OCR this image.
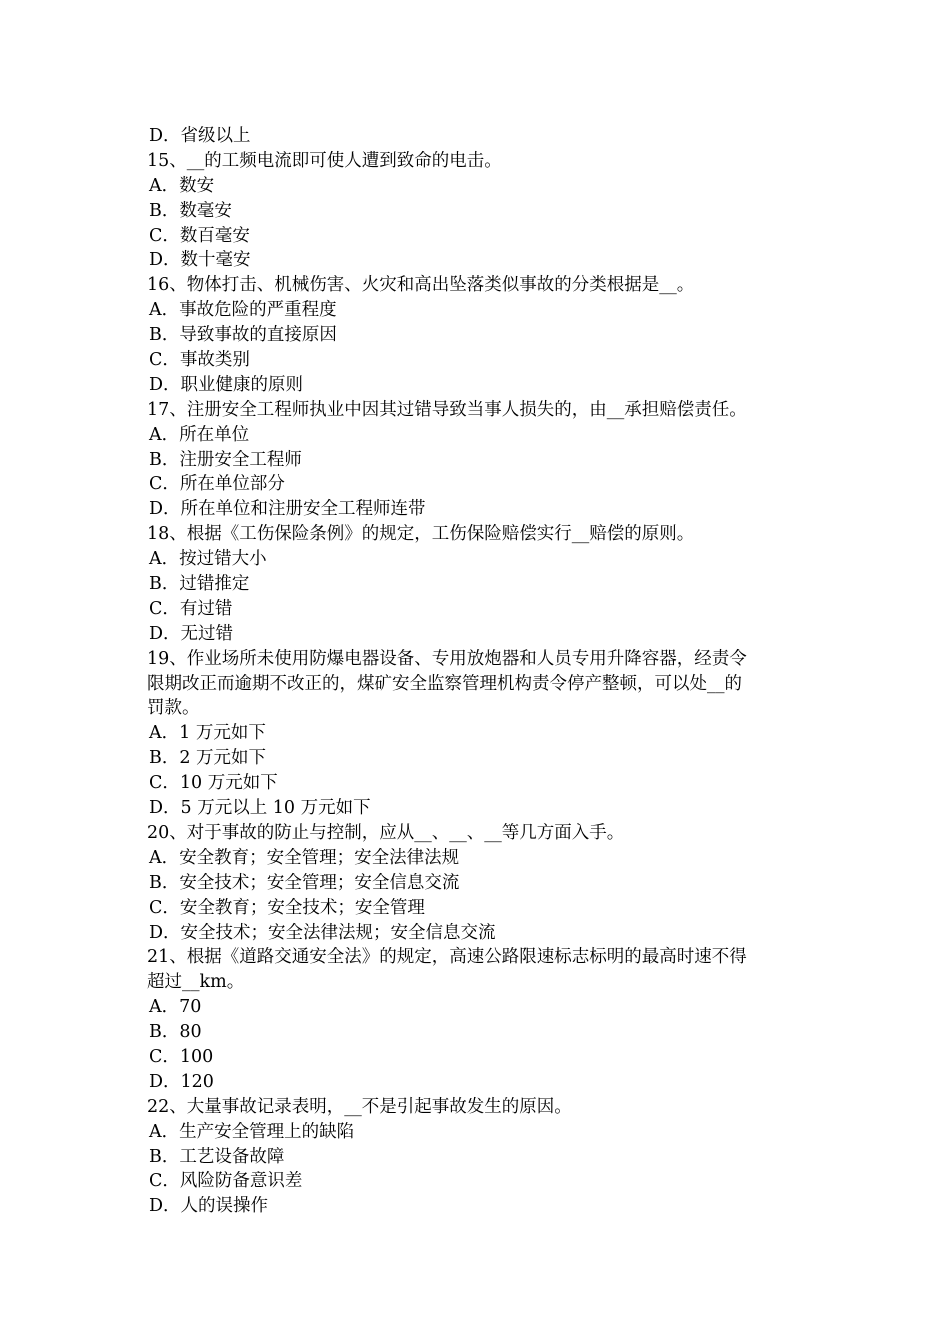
D．省级以上
15、__的工频电流即可使人遭到致命的电击。
A．数安
B．数毫安
C．数百毫安
D．数十毫安
16、物体打击、机械伤害、火灾和高出坠落类似事故的分类根据是__。
A．事故危险的严重程度
B．导致事故的直接原因
C．事故类别
D．职业健康的原则
17、注册安全工程师执业中因其过错导致当事人损失的，由__承担赔偿责任。
A．所在单位
B．注册安全工程师
C．所在单位部分
D．所在单位和注册安全工程师连带
18、根据《工伤保险条例》的规定，工伤保险赔偿实行__赔偿的原则。
A．按过错大小
B．过错推定
C．有过错
D．无过错
19、作业场所未使用防爆电器设备、专用放炮器和人员专用升降容器，经责令
限期改正而逾期不改正的，煤矿安全监察管理机构责令停产整顿，可以处__的
罚款。
A．1 万元如下
B．2 万元如下
C．10 万元如下
D．5 万元以上 10 万元如下
20、对于事故的防止与控制，应从__、__、__等几方面入手。
A．安全教育；安全管理；安全法律法规
B．安全技术；安全管理；安全信息交流
C．安全教育；安全技术；安全管理
D．安全技术；安全法律法规；安全信息交流
21、根据《道路交通安全法》的规定，高速公路限速标志标明的最高时速不得
超过__km。
A．70
B．80
C．100
D．120
22、大量事故记录表明，__不是引起事故发生的原因。
A．生产安全管理上的缺陷
B．工艺设备故障
C．风险防备意识差
D．人的误操作
